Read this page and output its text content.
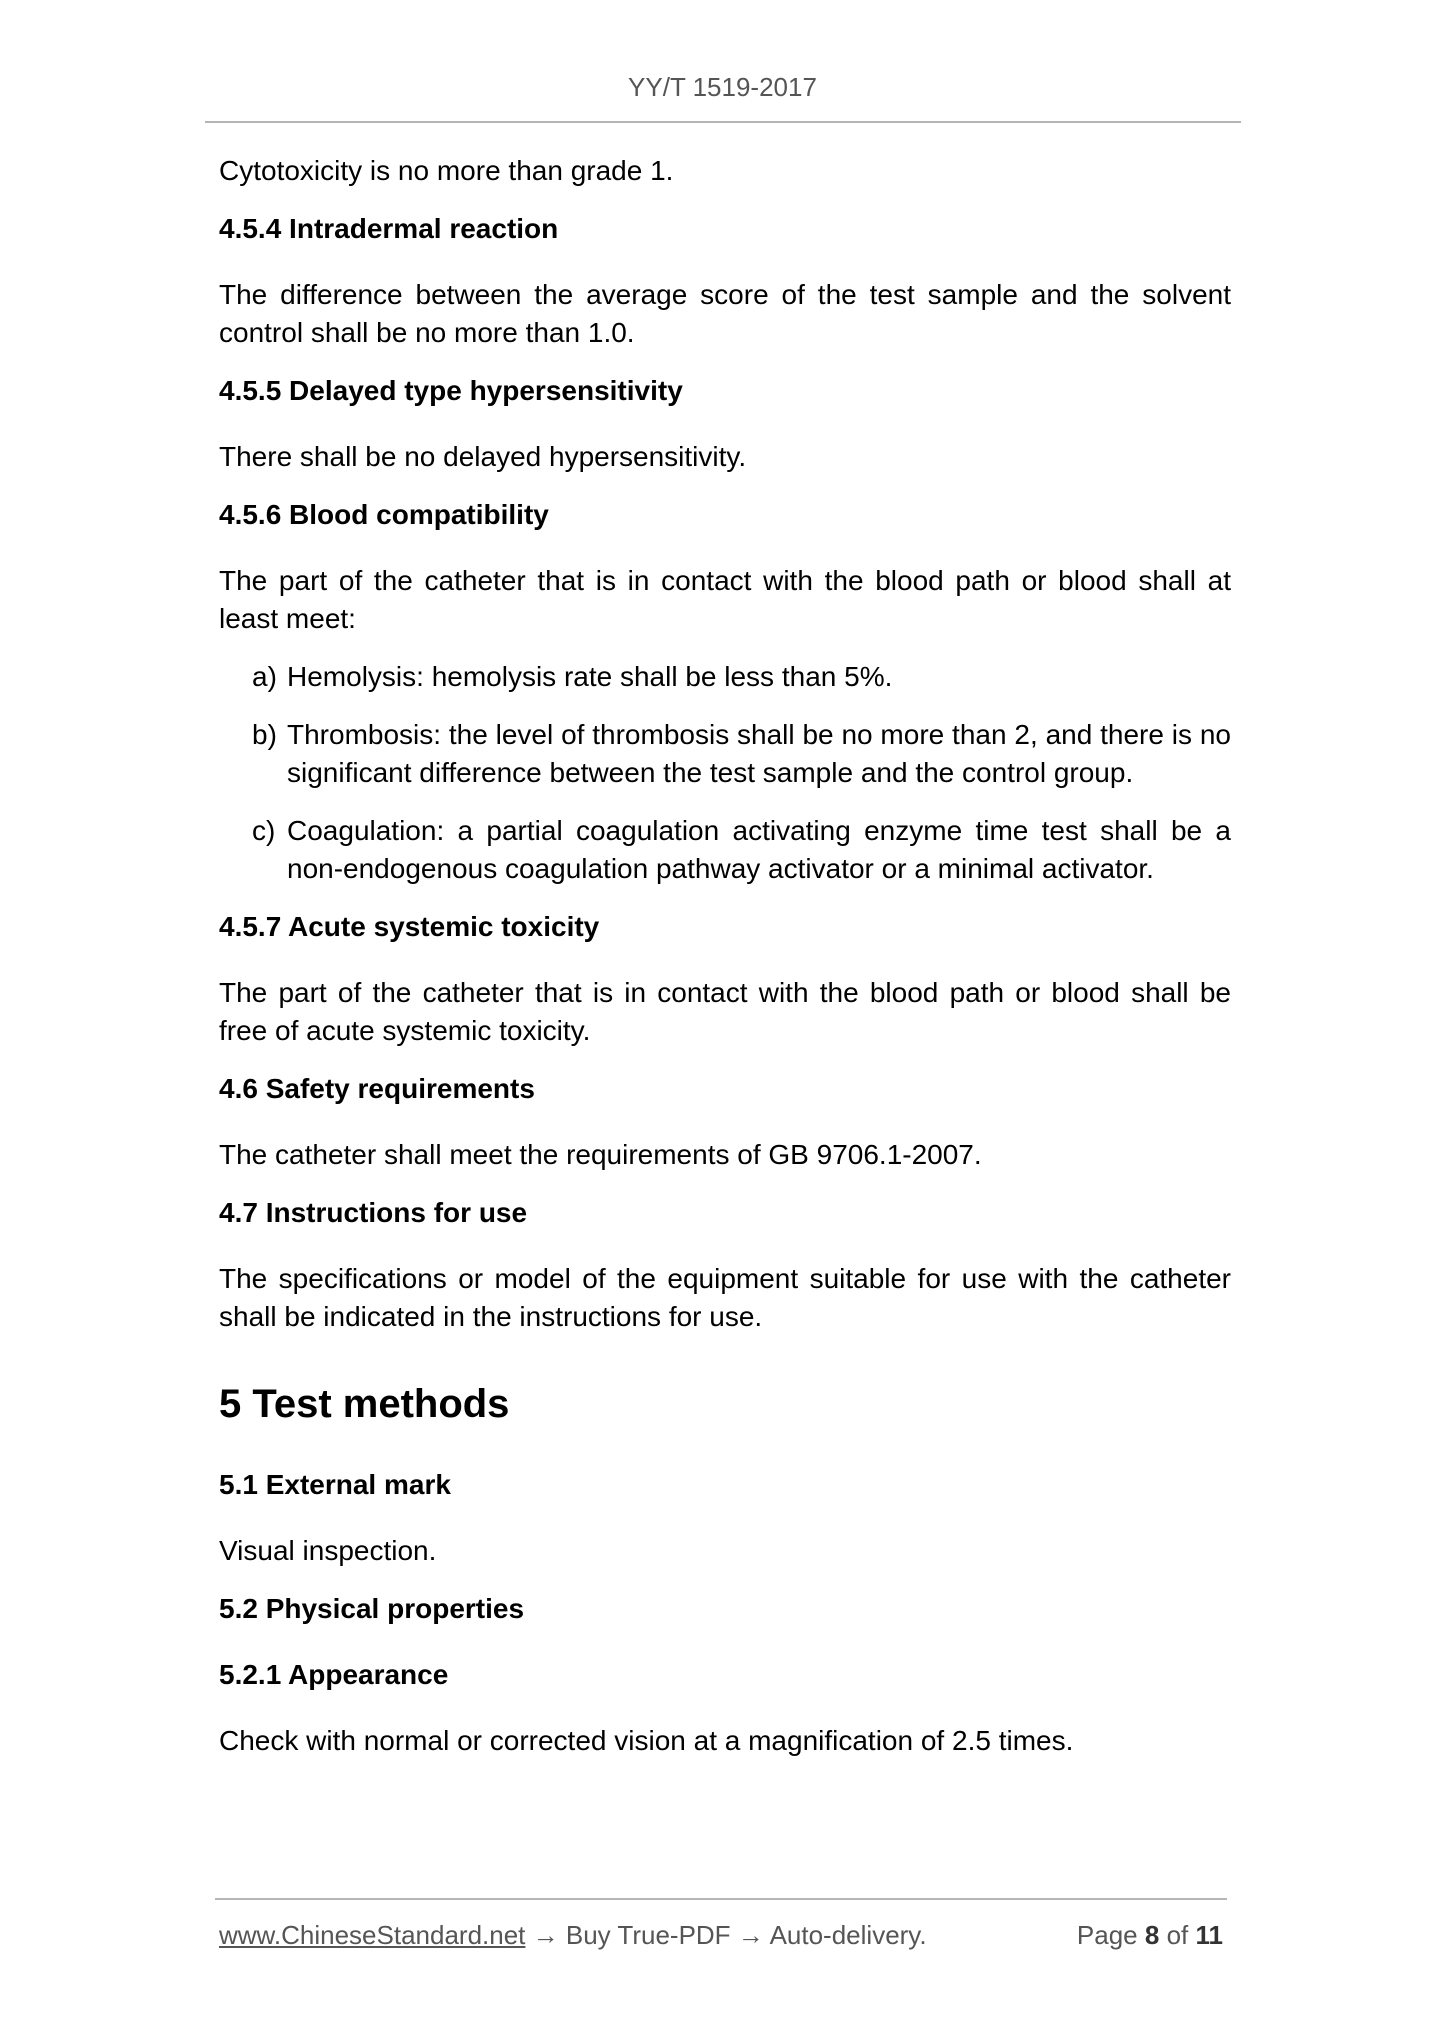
YY/T 1519-2017

Cytotoxicity is no more than grade 1.

4.5.4 Intradermal reaction

The difference between the average score of the test sample and the solvent control shall be no more than 1.0.

4.5.5 Delayed type hypersensitivity

There shall be no delayed hypersensitivity.

4.5.6 Blood compatibility

The part of the catheter that is in contact with the blood path or blood shall at least meet:

a) Hemolysis: hemolysis rate shall be less than 5%.
b) Thrombosis: the level of thrombosis shall be no more than 2, and there is no significant difference between the test sample and the control group.
c) Coagulation: a partial coagulation activating enzyme time test shall be a non-endogenous coagulation pathway activator or a minimal activator.
4.5.7 Acute systemic toxicity

The part of the catheter that is in contact with the blood path or blood shall be free of acute systemic toxicity.

4.6 Safety requirements

The catheter shall meet the requirements of GB 9706.1-2007.

4.7 Instructions for use

The specifications or model of the equipment suitable for use with the catheter shall be indicated in the instructions for use.

5 Test methods
5.1 External mark

Visual inspection.

5.2 Physical properties
5.2.1 Appearance

Check with normal or corrected vision at a magnification of 2.5 times.

www.ChineseStandard.net → Buy True-PDF → Auto-delivery.	Page 8 of 11
